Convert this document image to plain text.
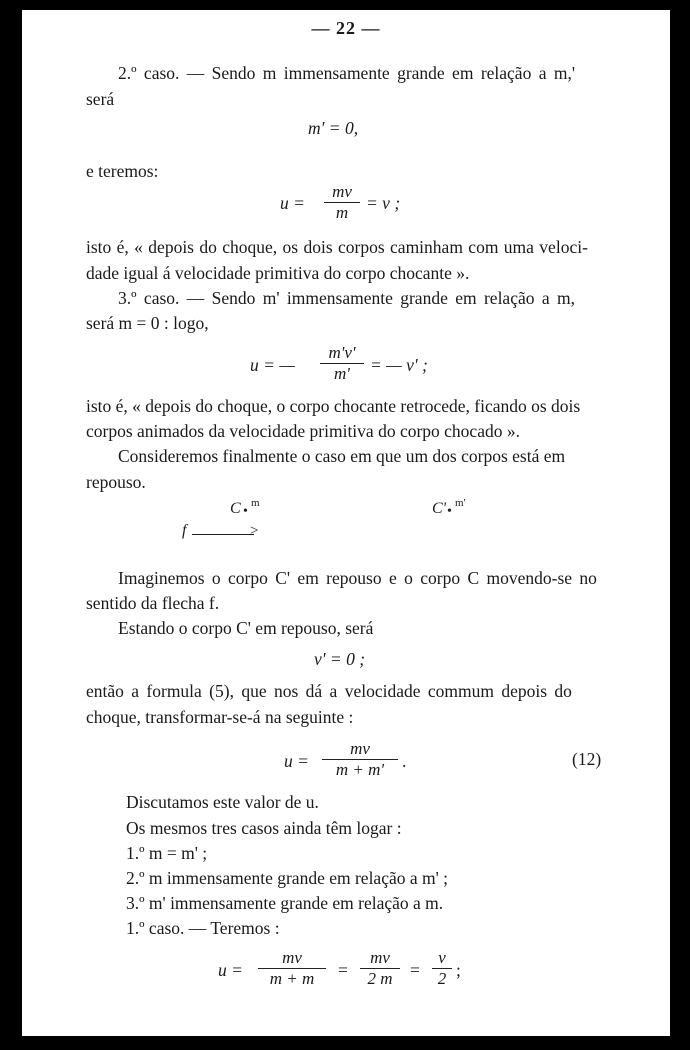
— 22 —
2.º caso. — Sendo m immensamente grande em relação a m,'
será
m' = 0,
e teremos:
$u = \frac{mv}{m} = v$ ;
isto é, « depois do choque, os dois corpos caminham com uma veloci-
dade igual á velocidade primitiva do corpo chocante ».
3.º caso. — Sendo m' immensamente grande em relação a m,
será m = 0 : logo,
u = — $\frac{m'v'}{m'}$ = — v' ;
isto é, « depois do choque, o corpo chocante retrocede, ficando os dois
corpos animados da velocidade primitiva do corpo chocado ».
Consideremos finalmente o caso em que um dos corpos está em
repouso.
C •
m
f	>
C' •
m'
Imaginemos o corpo C' em repouso e o corpo C movendo-se no
sentido da flecha f.
Estando o corpo C' em repouso, será
v' = 0 ;
então a formula (5), que nos dá a velocidade commum depois do
choque, transformar-se-á na seguinte :
$u = \frac{mv}{m + m'}$ .	(12)
Discutamos este valor de u.
Os mesmos tres casos ainda têm logar :
1.º m = m' ;
2.º m immensamente grande em relação a m' ;
3.º m' immensamente grande em relação a m.
1.º caso. — Teremos :
$u = \frac{mv}{m + m} = \frac{mv}{2 m} = \frac{v}{2}$ ;
